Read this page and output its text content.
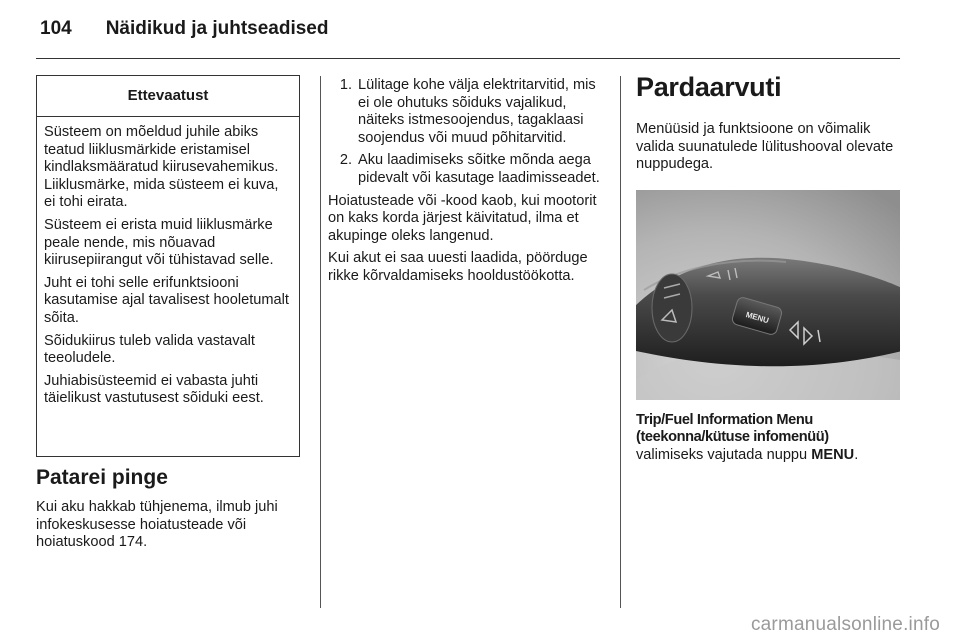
104 Näidikud ja juhtseadised
Ettevaatust

Süsteem on mõeldud juhile abiks teatud liiklusmärkide eristamisel kindlaksmääratud kiirusevahemikus. Liiklusmärke, mida süsteem ei kuva, ei tohi eirata.

Süsteem ei erista muid liiklusmärke peale nende, mis nõuavad kiirusepiirangut või tühistavad selle.

Juht ei tohi selle erifunktsiooni kasutamise ajal tavalisest hooletumalt sõita.

Sõidukiirus tuleb valida vastavalt teeoludele.

Juhiabisüsteemid ei vabasta juhti täielikust vastutusest sõiduki eest.

Patarei pinge

Kui aku hakkab tühjenema, ilmub juhi infokeskusesse hoiatusteade või hoiatuskood 174.

1. Lülitage kohe välja elektritarvitid, mis ei ole ohutuks sõiduks vajalikud, näiteks istmesoojendus, tagaklaasi soojendus või muud põhitarvitid.
2. Aku laadimiseks sõitke mõnda aega pidevalt või kasutage laadimisseadet.

Hoiatusteade või -kood kaob, kui mootorit on kaks korda järjest käivitatud, ilma et akupinge oleks langenud.

Kui akut ei saa uuesti laadida, pöörduge rikke kõrvaldamiseks hooldustöökotta.

Pardaarvuti

Menüüsid ja funktsioone on võimalik valida suunatulede lülitushooval olevate nuppudega.

MENU

Trip/Fuel Information Menu (teekonna/kütuse infomenüü)

valimiseks vajutada nuppu MENU.

carmanualsonline.info
